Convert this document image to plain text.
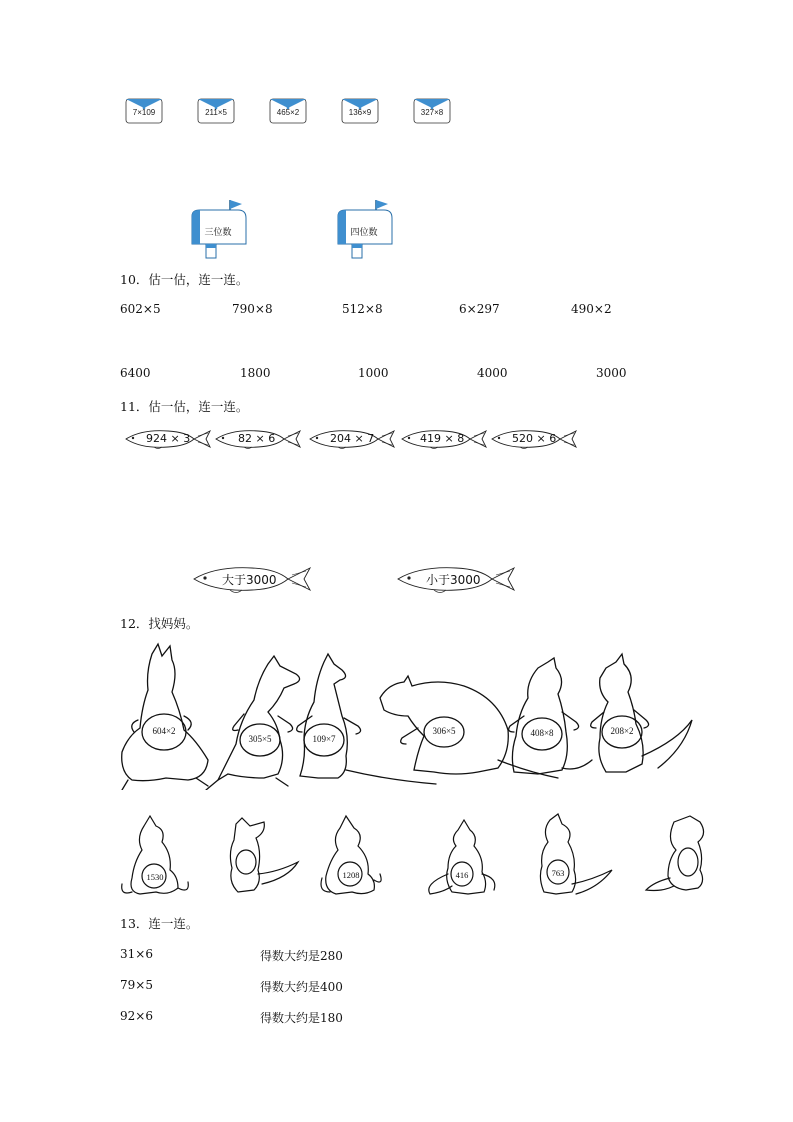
7×109	211×5	465×2	136×9	327×8
三位数	四位数
10．估一估，连一连。
602×5	790×8	512×8	6×297	490×2
6400	1800	1000	4000	3000
11．估一估，连一连。
924 × 3	82 × 6	204 × 7	419 × 8	520 × 6
大于3000	小于3000
12．找妈妈。
604×2
305×5	109×7
306×5	408×8	208×2
1530	1208	416	763
13．连一连。
31×6
79×5
92×6
得数大约是280
得数大约是400
得数大约是180
